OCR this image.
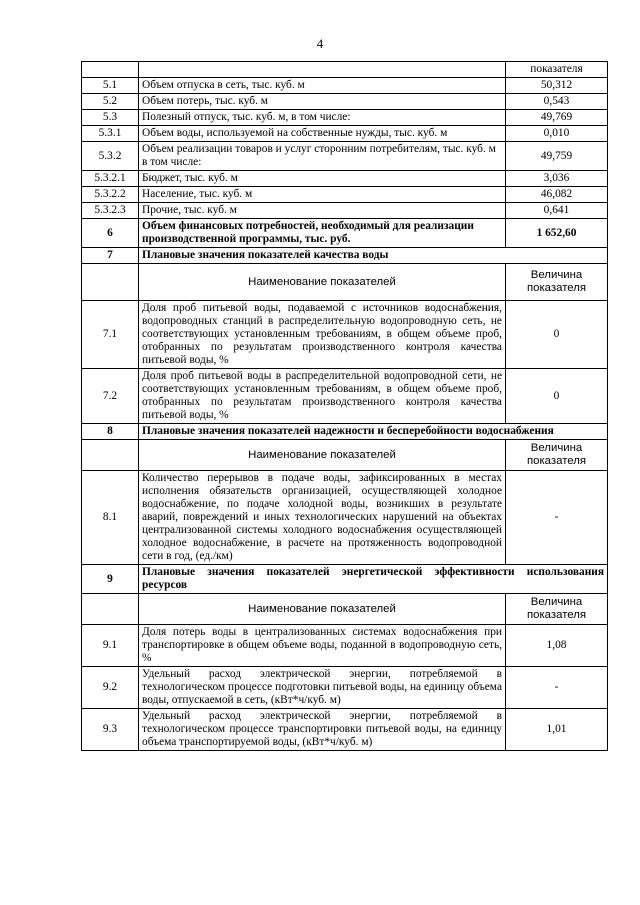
4
		показателя
5.1	Объем отпуска в сеть, тыс. куб. м	50,312
5.2	Объем потерь, тыс. куб. м	0,543
5.3	Полезный отпуск, тыс. куб. м, в том числе:	49,769
5.3.1	Объем воды, используемой на собственные нужды, тыс. куб. м	0,010
5.3.2	Объем реализации товаров и услуг сторонним потребителям, тыс. куб. м в том числе:	49,759
5.3.2.1	Бюджет, тыс. куб. м	3,036
5.3.2.2	Население, тыс. куб. м	46,082
5.3.2.3	Прочие, тыс. куб. м	0,641
6	Объем финансовых потребностей, необходимый для реализации производственной программы, тыс. руб.	1 652,60
7	Плановые значения показателей качества воды	
	Наименование показателей	Величина показателя
7.1	Доля проб питьевой воды, подаваемой с источников водоснабжения, водопроводных станций в распределительную водопроводную сеть, не соответствующих установленным требованиям, в общем объеме проб, отобранных по результатам производственного контроля качества питьевой воды, %	0
7.2	Доля проб питьевой воды в распределительной водопроводной сети, не соответствующих установленным требованиям, в общем объеме проб, отобранных по результатам производственного контроля качества питьевой воды, %	0
8	Плановые значения показателей надежности и бесперебойности водоснабжения	
	Наименование показателей	Величина показателя
8.1	Количество перерывов в подаче воды, зафиксированных в местах исполнения обязательств организацией, осуществляющей холодное водоснабжение, по подаче холодной воды, возникших в результате аварий, повреждений и иных технологических нарушений на объектах централизованной системы холодного водоснабжения осуществляющей холодное водоснабжение, в расчете на протяженность водопроводной сети в год, (ед./км)	-
9	Плановые значения показателей энергетической эффективности использования ресурсов	
	Наименование показателей	Величина показателя
9.1	Доля потерь воды в централизованных системах водоснабжения при транспортировке в общем объеме воды, поданной в водопроводную сеть, %	1,08
9.2	Удельный расход электрической энергии, потребляемой в технологическом процессе подготовки питьевой воды, на единицу объема воды, отпускаемой в сеть, (кВт*ч/куб. м)	-
9.3	Удельный расход электрической энергии, потребляемой в технологическом процессе транспортировки питьевой воды, на единицу объема транспортируемой воды, (кВт*ч/куб. м)	1,01
